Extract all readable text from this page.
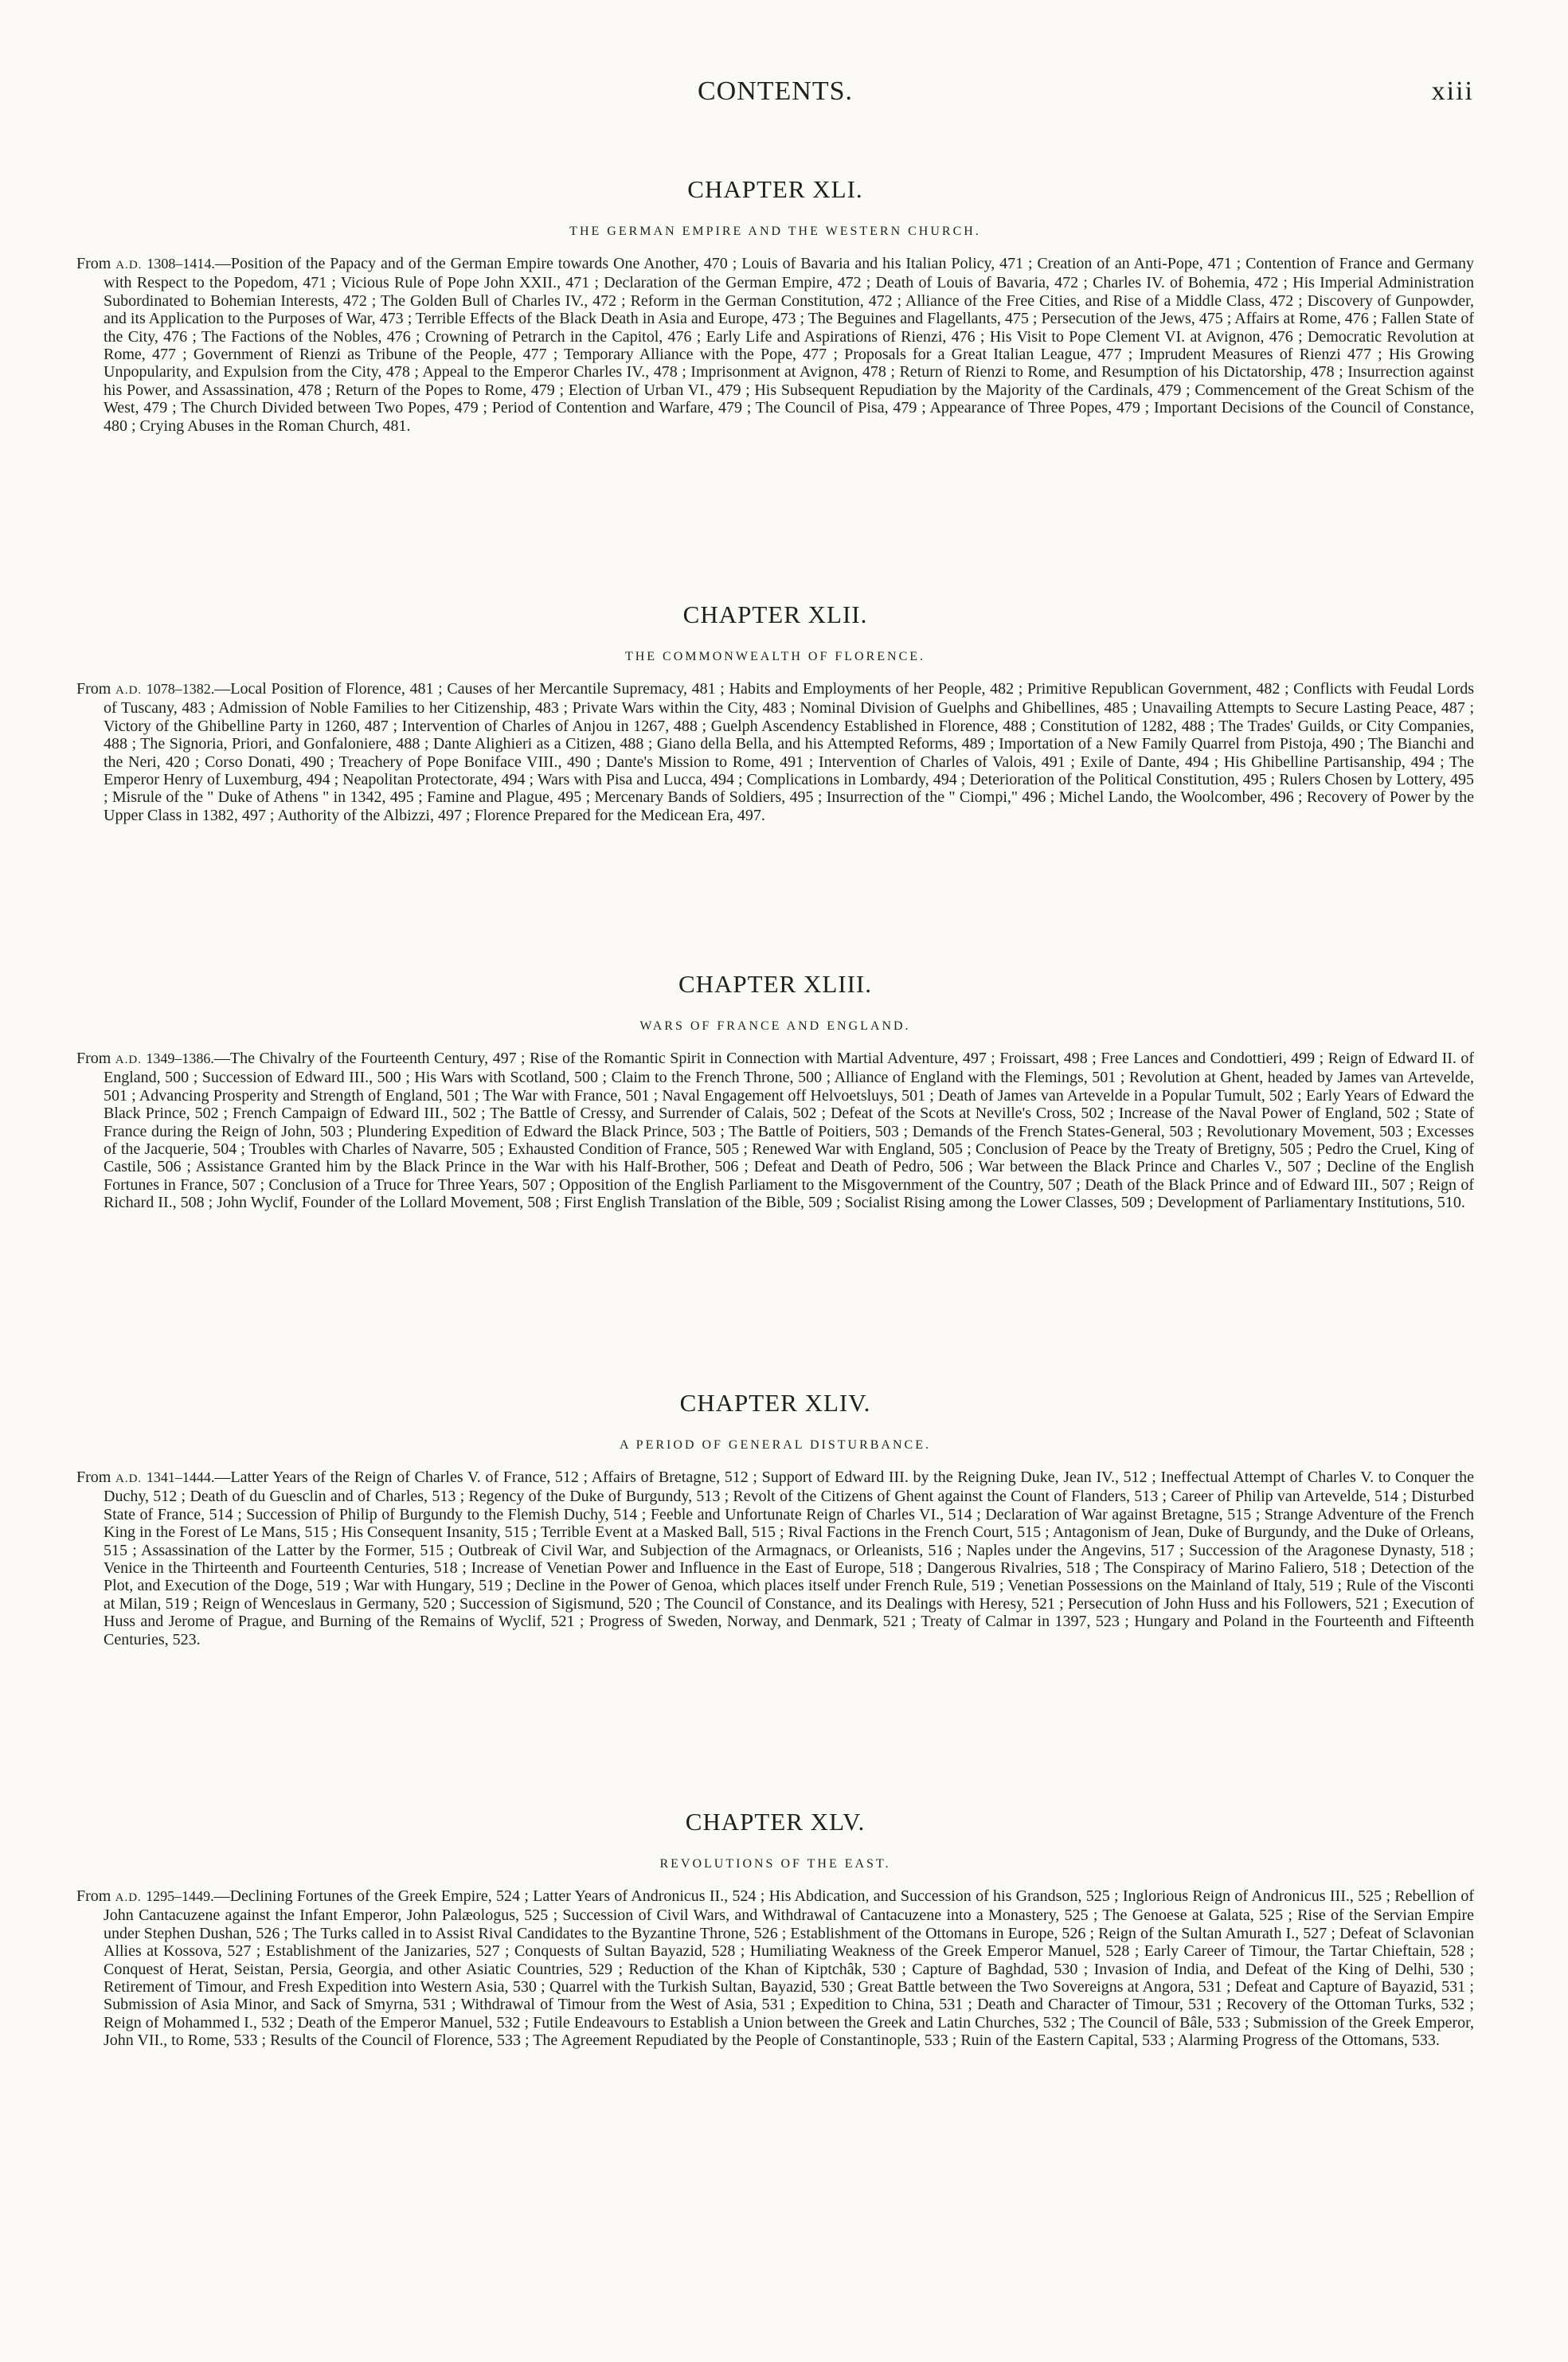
CONTENTS.	xiii
CHAPTER XLI.
THE GERMAN EMPIRE AND THE WESTERN CHURCH.

From A.D. 1308–1414.—Position of the Papacy and of the German Empire towards One Another, 470 ; Louis of Bavaria and his Italian Policy, 471 ; Creation of an Anti-Pope, 471 ; Contention of France and Germany with Respect to the Popedom, 471 ; Vicious Rule of Pope John XXII., 471 ; Declaration of the German Empire, 472 ; Death of Louis of Bavaria, 472 ; Charles IV. of Bohemia, 472 ; His Imperial Administration Subordinated to Bohemian Interests, 472 ; The Golden Bull of Charles IV., 472 ; Reform in the German Constitution, 472 ; Alliance of the Free Cities, and Rise of a Middle Class, 472 ; Discovery of Gunpowder, and its Application to the Purposes of War, 473 ; Terrible Effects of the Black Death in Asia and Europe, 473 ; The Beguines and Flagellants, 475 ; Persecution of the Jews, 475 ; Affairs at Rome, 476 ; Fallen State of the City, 476 ; The Factions of the Nobles, 476 ; Crowning of Petrarch in the Capitol, 476 ; Early Life and Aspirations of Rienzi, 476 ; His Visit to Pope Clement VI. at Avignon, 476 ; Democratic Revolution at Rome, 477 ; Government of Rienzi as Tribune of the People, 477 ; Temporary Alliance with the Pope, 477 ; Proposals for a Great Italian League, 477 ; Imprudent Measures of Rienzi 477 ; His Growing Unpopularity, and Expulsion from the City, 478 ; Appeal to the Emperor Charles IV., 478 ; Imprisonment at Avignon, 478 ; Return of Rienzi to Rome, and Resumption of his Dictatorship, 478 ; Insurrection against his Power, and Assassination, 478 ; Return of the Popes to Rome, 479 ; Election of Urban VI., 479 ; His Subsequent Repudiation by the Majority of the Cardinals, 479 ; Commencement of the Great Schism of the West, 479 ; The Church Divided between Two Popes, 479 ; Period of Contention and Warfare, 479 ; The Council of Pisa, 479 ; Appearance of Three Popes, 479 ; Important Decisions of the Council of Constance, 480 ; Crying Abuses in the Roman Church, 481.

CHAPTER XLII.
THE COMMONWEALTH OF FLORENCE.

From A.D. 1078–1382.—Local Position of Florence, 481 ; Causes of her Mercantile Supremacy, 481 ; Habits and Employments of her People, 482 ; Primitive Republican Government, 482 ; Conflicts with Feudal Lords of Tuscany, 483 ; Admission of Noble Families to her Citizenship, 483 ; Private Wars within the City, 483 ; Nominal Division of Guelphs and Ghibellines, 485 ; Unavailing Attempts to Secure Lasting Peace, 487 ; Victory of the Ghibelline Party in 1260, 487 ; Intervention of Charles of Anjou in 1267, 488 ; Guelph Ascendency Established in Florence, 488 ; Constitution of 1282, 488 ; The Trades' Guilds, or City Companies, 488 ; The Signoria, Priori, and Gonfaloniere, 488 ; Dante Alighieri as a Citizen, 488 ; Giano della Bella, and his Attempted Reforms, 489 ; Importation of a New Family Quarrel from Pistoja, 490 ; The Bianchi and the Neri, 420 ; Corso Donati, 490 ; Treachery of Pope Boniface VIII., 490 ; Dante's Mission to Rome, 491 ; Intervention of Charles of Valois, 491 ; Exile of Dante, 494 ; His Ghibelline Partisanship, 494 ; The Emperor Henry of Luxemburg, 494 ; Neapolitan Protectorate, 494 ; Wars with Pisa and Lucca, 494 ; Complications in Lombardy, 494 ; Deterioration of the Political Constitution, 495 ; Rulers Chosen by Lottery, 495 ; Misrule of the " Duke of Athens " in 1342, 495 ; Famine and Plague, 495 ; Mercenary Bands of Soldiers, 495 ; Insurrection of the " Ciompi," 496 ; Michel Lando, the Woolcomber, 496 ; Recovery of Power by the Upper Class in 1382, 497 ; Authority of the Albizzi, 497 ; Florence Prepared for the Medicean Era, 497.

CHAPTER XLIII.
WARS OF FRANCE AND ENGLAND.

From A.D. 1349–1386.—The Chivalry of the Fourteenth Century, 497 ; Rise of the Romantic Spirit in Connection with Martial Adventure, 497 ; Froissart, 498 ; Free Lances and Condottieri, 499 ; Reign of Edward II. of England, 500 ; Succession of Edward III., 500 ; His Wars with Scotland, 500 ; Claim to the French Throne, 500 ; Alliance of England with the Flemings, 501 ; Revolution at Ghent, headed by James van Artevelde, 501 ; Advancing Prosperity and Strength of England, 501 ; The War with France, 501 ; Naval Engagement off Helvoetsluys, 501 ; Death of James van Artevelde in a Popular Tumult, 502 ; Early Years of Edward the Black Prince, 502 ; French Campaign of Edward III., 502 ; The Battle of Cressy, and Surrender of Calais, 502 ; Defeat of the Scots at Neville's Cross, 502 ; Increase of the Naval Power of England, 502 ; State of France during the Reign of John, 503 ; Plundering Expedition of Edward the Black Prince, 503 ; The Battle of Poitiers, 503 ; Demands of the French States-General, 503 ; Revolutionary Movement, 503 ; Excesses of the Jacquerie, 504 ; Troubles with Charles of Navarre, 505 ; Exhausted Condition of France, 505 ; Renewed War with England, 505 ; Conclusion of Peace by the Treaty of Bretigny, 505 ; Pedro the Cruel, King of Castile, 506 ; Assistance Granted him by the Black Prince in the War with his Half-Brother, 506 ; Defeat and Death of Pedro, 506 ; War between the Black Prince and Charles V., 507 ; Decline of the English Fortunes in France, 507 ; Conclusion of a Truce for Three Years, 507 ; Opposition of the English Parliament to the Misgovernment of the Country, 507 ; Death of the Black Prince and of Edward III., 507 ; Reign of Richard II., 508 ; John Wyclif, Founder of the Lollard Movement, 508 ; First English Translation of the Bible, 509 ; Socialist Rising among the Lower Classes, 509 ; Development of Parliamentary Institutions, 510.

CHAPTER XLIV.
A PERIOD OF GENERAL DISTURBANCE.

From A.D. 1341–1444.—Latter Years of the Reign of Charles V. of France, 512 ; Affairs of Bretagne, 512 ; Support of Edward III. by the Reigning Duke, Jean IV., 512 ; Ineffectual Attempt of Charles V. to Conquer the Duchy, 512 ; Death of du Guesclin and of Charles, 513 ; Regency of the Duke of Burgundy, 513 ; Revolt of the Citizens of Ghent against the Count of Flanders, 513 ; Career of Philip van Artevelde, 514 ; Disturbed State of France, 514 ; Succession of Philip of Burgundy to the Flemish Duchy, 514 ; Feeble and Unfortunate Reign of Charles VI., 514 ; Declaration of War against Bretagne, 515 ; Strange Adventure of the French King in the Forest of Le Mans, 515 ; His Consequent Insanity, 515 ; Terrible Event at a Masked Ball, 515 ; Rival Factions in the French Court, 515 ; Antagonism of Jean, Duke of Burgundy, and the Duke of Orleans, 515 ; Assassination of the Latter by the Former, 515 ; Outbreak of Civil War, and Subjection of the Armagnacs, or Orleanists, 516 ; Naples under the Angevins, 517 ; Succession of the Aragonese Dynasty, 518 ; Venice in the Thirteenth and Fourteenth Centuries, 518 ; Increase of Venetian Power and Influence in the East of Europe, 518 ; Dangerous Rivalries, 518 ; The Conspiracy of Marino Faliero, 518 ; Detection of the Plot, and Execution of the Doge, 519 ; War with Hungary, 519 ; Decline in the Power of Genoa, which places itself under French Rule, 519 ; Venetian Possessions on the Mainland of Italy, 519 ; Rule of the Visconti at Milan, 519 ; Reign of Wenceslaus in Germany, 520 ; Succession of Sigismund, 520 ; The Council of Constance, and its Dealings with Heresy, 521 ; Persecution of John Huss and his Followers, 521 ; Execution of Huss and Jerome of Prague, and Burning of the Remains of Wyclif, 521 ; Progress of Sweden, Norway, and Denmark, 521 ; Treaty of Calmar in 1397, 523 ; Hungary and Poland in the Fourteenth and Fifteenth Centuries, 523.

CHAPTER XLV.
REVOLUTIONS OF THE EAST.

From A.D. 1295–1449.—Declining Fortunes of the Greek Empire, 524 ; Latter Years of Andronicus II., 524 ; His Abdication, and Succession of his Grandson, 525 ; Inglorious Reign of Andronicus III., 525 ; Rebellion of John Cantacuzene against the Infant Emperor, John Palæologus, 525 ; Succession of Civil Wars, and Withdrawal of Cantacuzene into a Monastery, 525 ; The Genoese at Galata, 525 ; Rise of the Servian Empire under Stephen Dushan, 526 ; The Turks called in to Assist Rival Candidates to the Byzantine Throne, 526 ; Establishment of the Ottomans in Europe, 526 ; Reign of the Sultan Amurath I., 527 ; Defeat of Sclavonian Allies at Kossova, 527 ; Establishment of the Janizaries, 527 ; Conquests of Sultan Bayazid, 528 ; Humiliating Weakness of the Greek Emperor Manuel, 528 ; Early Career of Timour, the Tartar Chieftain, 528 ; Conquest of Herat, Seistan, Persia, Georgia, and other Asiatic Countries, 529 ; Reduction of the Khan of Kiptchâk, 530 ; Capture of Baghdad, 530 ; Invasion of India, and Defeat of the King of Delhi, 530 ; Retirement of Timour, and Fresh Expedition into Western Asia, 530 ; Quarrel with the Turkish Sultan, Bayazid, 530 ; Great Battle between the Two Sovereigns at Angora, 531 ; Defeat and Capture of Bayazid, 531 ; Submission of Asia Minor, and Sack of Smyrna, 531 ; Withdrawal of Timour from the West of Asia, 531 ; Expedition to China, 531 ; Death and Character of Timour, 531 ; Recovery of the Ottoman Turks, 532 ; Reign of Mohammed I., 532 ; Death of the Emperor Manuel, 532 ; Futile Endeavours to Establish a Union between the Greek and Latin Churches, 532 ; The Council of Bâle, 533 ; Submission of the Greek Emperor, John VII., to Rome, 533 ; Results of the Council of Florence, 533 ; The Agreement Repudiated by the People of Constantinople, 533 ; Ruin of the Eastern Capital, 533 ; Alarming Progress of the Ottomans, 533.
